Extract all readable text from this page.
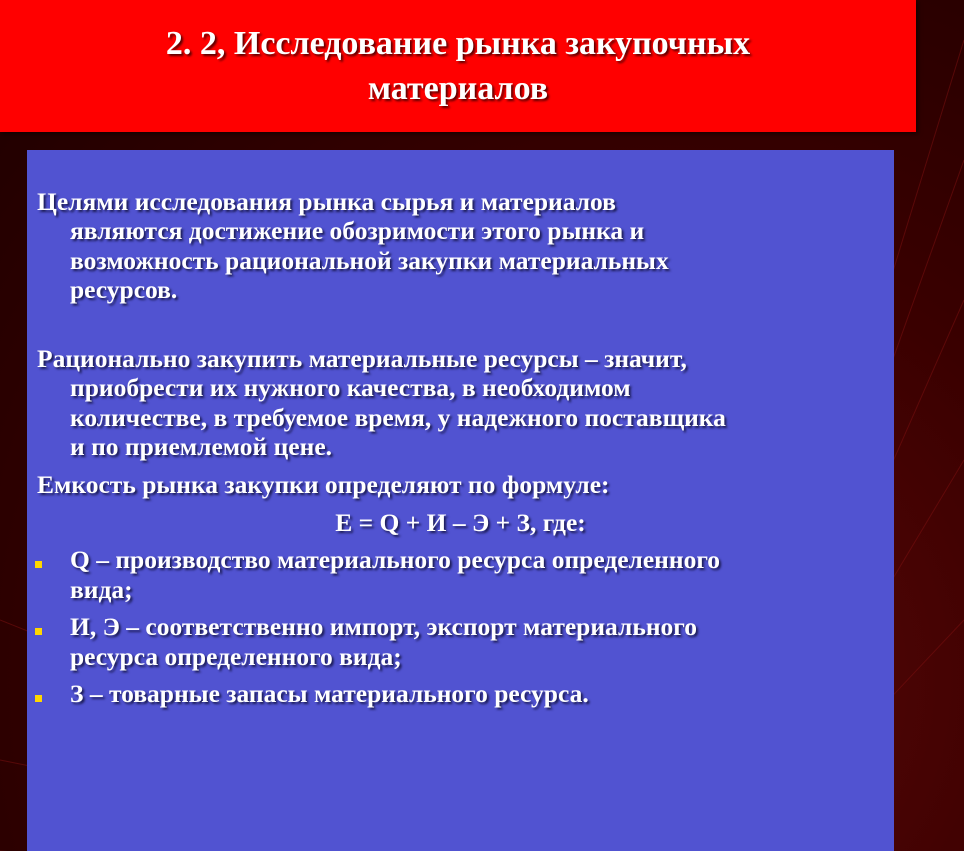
2. 2, Исследование рынка закупочных
материалов
Целями исследования рынка сырья и материалов
являются достижение обозримости этого рынка и
возможность рациональной закупки материальных
ресурсов.
Рационально закупить материальные ресурсы – значит,
приобрести их нужного качества, в необходимом
количестве, в требуемое время, у надежного поставщика
и по приемлемой цене.
Емкость рынка закупки определяют по формуле:
Е = Q + И – Э + З, где:
Q – производство материального ресурса определенного
вида;
И, Э – соответственно импорт, экспорт материального
ресурса определенного вида;
З – товарные запасы материального ресурса.
